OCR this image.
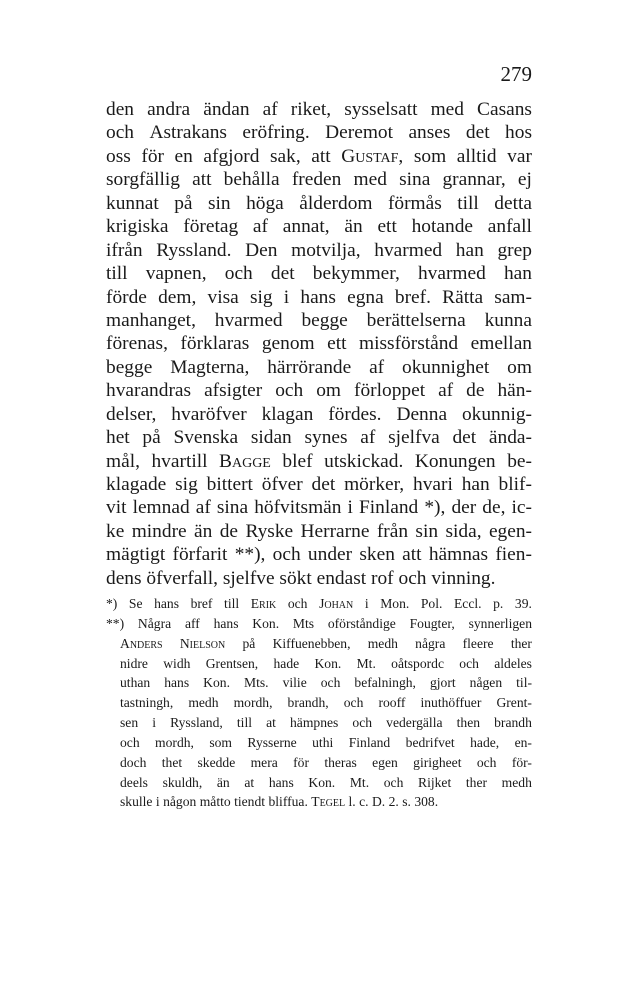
279
den andra ändan af riket, sysselsatt med Casans
och Astrakans eröfring. Deremot anses det hos
oss för en afgjord sak, att Gustaf, som alltid var
sorgfällig att behålla freden med sina grannar, ej
kunnat på sin höga ålderdom förmås till detta
krigiska företag af annat, än ett hotande anfall
ifrån Ryssland. Den motvilja, hvarmed han grep
till vapnen, och det bekymmer, hvarmed han
förde dem, visa sig i hans egna bref. Rätta sam-
manhanget, hvarmed begge berättelserna kunna
förenas, förklaras genom ett missförstånd emellan
begge Magterna, härrörande af okunnighet om
hvarandras afsigter och om förloppet af de hän-
delser, hvaröfver klagan fördes. Denna okunnig-
het på Svenska sidan synes af sjelfva det ända-
mål, hvartill Bagge blef utskickad. Konungen be-
klagade sig bittert öfver det mörker, hvari han blif-
vit lemnad af sina höfvitsmän i Finland *), der de, ic-
ke mindre än de Ryske Herrarne från sin sida, egen-
mägtigt förfarit **), och under sken att hämnas fien-
dens
öfverfall,
sjelfve
sökt
endast
rof
och
vinning.
*) Se hans bref till Erik och Johan i Mon. Pol. Eccl. p. 39.
**) Några aff hans Kon. Mts oförståndige Fougter, synnerligen
Anders Nielson på Kiffuenebben, medh några fleere ther
nidre widh Grentsen, hade Kon. Mt. oåtspordc och aldeles
uthan hans Kon. Mts. vilie och befalningh, gjort någen til-
tastningh, medh mordh, brandh, och rooff inuthöffuer Grent-
sen i Ryssland, till at hämpnes och vedergälla then brandh
och mordh, som Rysserne uthi Finland bedrifvet hade, en-
doch thet skedde mera för theras egen girigheet och för-
deels skuldh, än at hans Kon. Mt. och Rijket ther medh
skulle
i
någon
måtto
tiendt
bliffua.
Tegel
l.
c.
D.
2.
s.
308.
